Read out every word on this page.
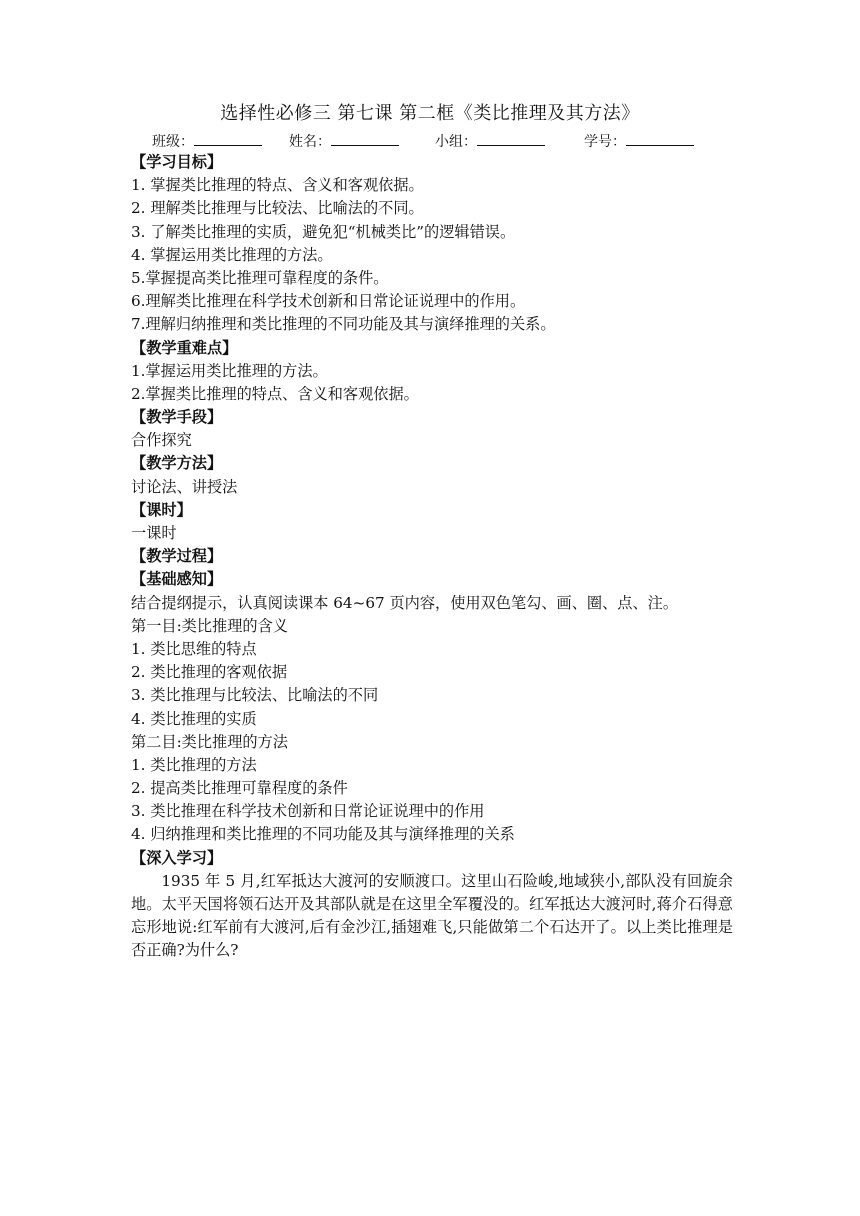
选择性必修三 第七课 第二框《类比推理及其方法》
班级：	姓名：	小组：	学号：
【学习目标】
1. 掌握类比推理的特点、含义和客观依据。
2. 理解类比推理与比较法、比喻法的不同。
3. 了解类比推理的实质，避免犯“机械类比”的逻辑错误。
4. 掌握运用类比推理的方法。
5.掌握提高类比推理可靠程度的条件。
6.理解类比推理在科学技术创新和日常论证说理中的作用。
7.理解归纳推理和类比推理的不同功能及其与演绎推理的关系。
【教学重难点】
1.掌握运用类比推理的方法。
2.掌握类比推理的特点、含义和客观依据。
【教学手段】
合作探究
【教学方法】
讨论法、讲授法
【课时】
一课时
【教学过程】
【基础感知】
结合提纲提示，认真阅读课本 64~67 页内容，使用双色笔勾、画、圈、点、注。
第一目:类比推理的含义
1. 类比思维的特点
2. 类比推理的客观依据
3. 类比推理与比较法、比喻法的不同
4. 类比推理的实质
第二目:类比推理的方法
1. 类比推理的方法
2. 提高类比推理可靠程度的条件
3. 类比推理在科学技术创新和日常论证说理中的作用
4. 归纳推理和类比推理的不同功能及其与演绎推理的关系
【深入学习】
1935 年 5 月,红军抵达大渡河的安顺渡口。这里山石险峻,地域狭小,部队没有回旋余地。太平天国将领石达开及其部队就是在这里全军覆没的。红军抵达大渡河时,蒋介石得意忘形地说:红军前有大渡河,后有金沙江,插翅难飞,只能做第二个石达开了。以上类比推理是否正确?为什么?
